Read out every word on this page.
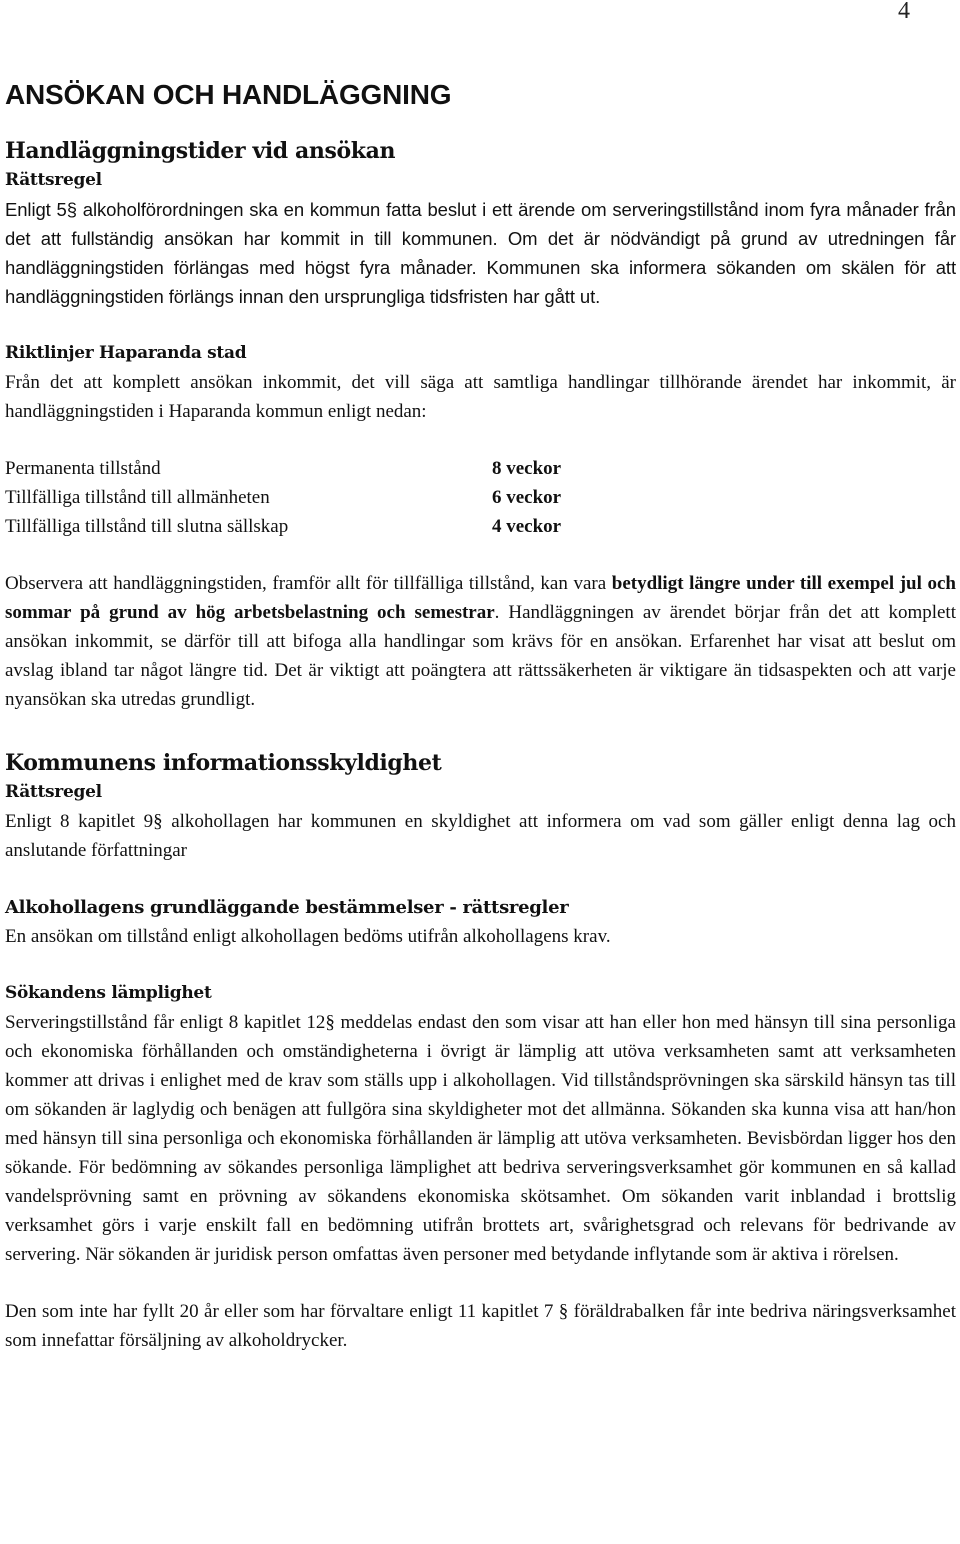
4
ANSÖKAN OCH HANDLÄGGNING
Handläggningstider vid ansökan

Rättsregel

Enligt 5§ alkoholförordningen ska en kommun fatta beslut i ett ärende om serveringstillstånd inom fyra månader från det att fullständig ansökan har kommit in till kommunen. Om det är nödvändigt på grund av utredningen får handläggningstiden förlängas med högst fyra månader. Kommunen ska informera sökanden om skälen för att handläggningstiden förlängs innan den ursprungliga tidsfristen har gått ut.

Riktlinjer Haparanda stad

Från det att komplett ansökan inkommit, det vill säga att samtliga handlingar tillhörande ärendet har inkommit, är handläggningstiden i Haparanda kommun enligt nedan:

Permanenta tillstånd	8 veckor
Tillfälliga tillstånd till allmänheten	6 veckor
Tillfälliga tillstånd till slutna sällskap	4 veckor

Observera att handläggningstiden, framför allt för tillfälliga tillstånd, kan vara betydligt längre under till exempel jul och sommar på grund av hög arbetsbelastning och semestrar. Handläggningen av ärendet börjar från det att komplett ansökan inkommit, se därför till att bifoga alla handlingar som krävs för en ansökan. Erfarenhet har visat att beslut om avslag ibland tar något längre tid. Det är viktigt att poängtera att rättssäkerheten är viktigare än tidsaspekten och att varje nyansökan ska utredas grundligt.

Kommunens informationsskyldighet

Rättsregel

Enligt 8 kapitlet 9§ alkohollagen har kommunen en skyldighet att informera om vad som gäller enligt denna lag och anslutande författningar

Alkohollagens grundläggande bestämmelser - rättsregler

En ansökan om tillstånd enligt alkohollagen bedöms utifrån alkohollagens krav.

Sökandens lämplighet

Serveringstillstånd får enligt 8 kapitlet 12§ meddelas endast den som visar att han eller hon med hänsyn till sina personliga och ekonomiska förhållanden och omständigheterna i övrigt är lämplig att utöva verksamheten samt att verksamheten kommer att drivas i enlighet med de krav som ställs upp i alkohollagen. Vid tillståndsprövningen ska särskild hänsyn tas till om sökanden är laglydig och benägen att fullgöra sina skyldigheter mot det allmänna. Sökanden ska kunna visa att han/hon med hänsyn till sina personliga och ekonomiska förhållanden är lämplig att utöva verksamheten. Bevisbördan ligger hos den sökande. För bedömning av sökandes personliga lämplighet att bedriva serveringsverksamhet gör kommunen en så kallad vandelsprövning samt en prövning av sökandens ekonomiska skötsamhet. Om sökanden varit inblandad i brottslig verksamhet görs i varje enskilt fall en bedömning utifrån brottets art, svårighetsgrad och relevans för bedrivande av servering. När sökanden är juridisk person omfattas även personer med betydande inflytande som är aktiva i rörelsen.

Den som inte har fyllt 20 år eller som har förvaltare enligt 11 kapitlet 7 § föräldrabalken får inte bedriva näringsverksamhet som innefattar försäljning av alkoholdrycker.
